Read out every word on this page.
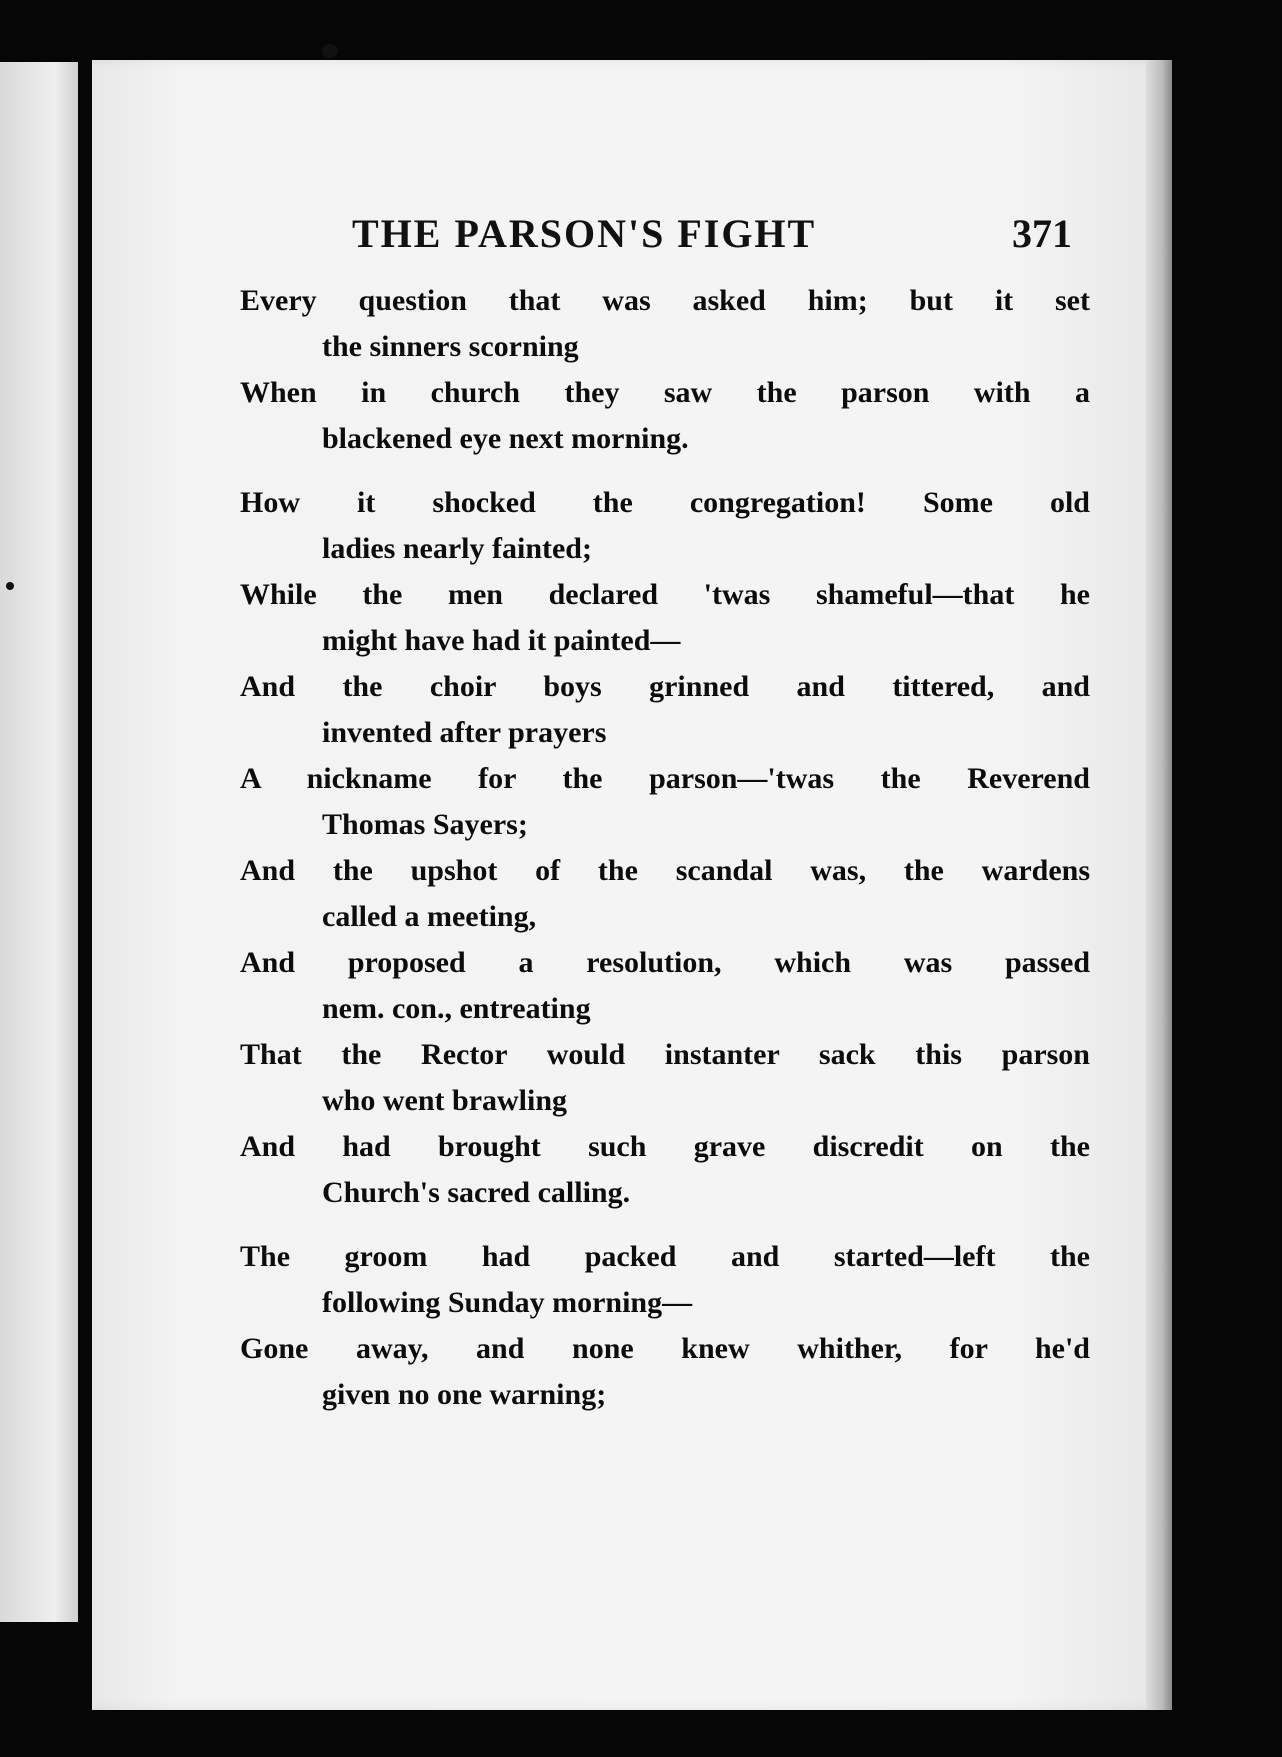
THE PARSON'S FIGHT	371

Every question that was asked him; but it set
the sinners scorning

When in church they saw the parson with a
blackened eye next morning.

How it shocked the congregation! Some old
ladies nearly fainted;

While the men declared 'twas shameful—that he
might have had it painted—

And the choir boys grinned and tittered, and
invented after prayers

A nickname for the parson—'twas the Reverend
Thomas Sayers;

And the upshot of the scandal was, the wardens
called a meeting,

And proposed a resolution, which was passed
nem. con., entreating

That the Rector would instanter sack this parson
who went brawling

And had brought such grave discredit on the
Church's sacred calling.

The groom had packed and started—left the
following Sunday morning—

Gone away, and none knew whither, for he'd
given no one warning;
